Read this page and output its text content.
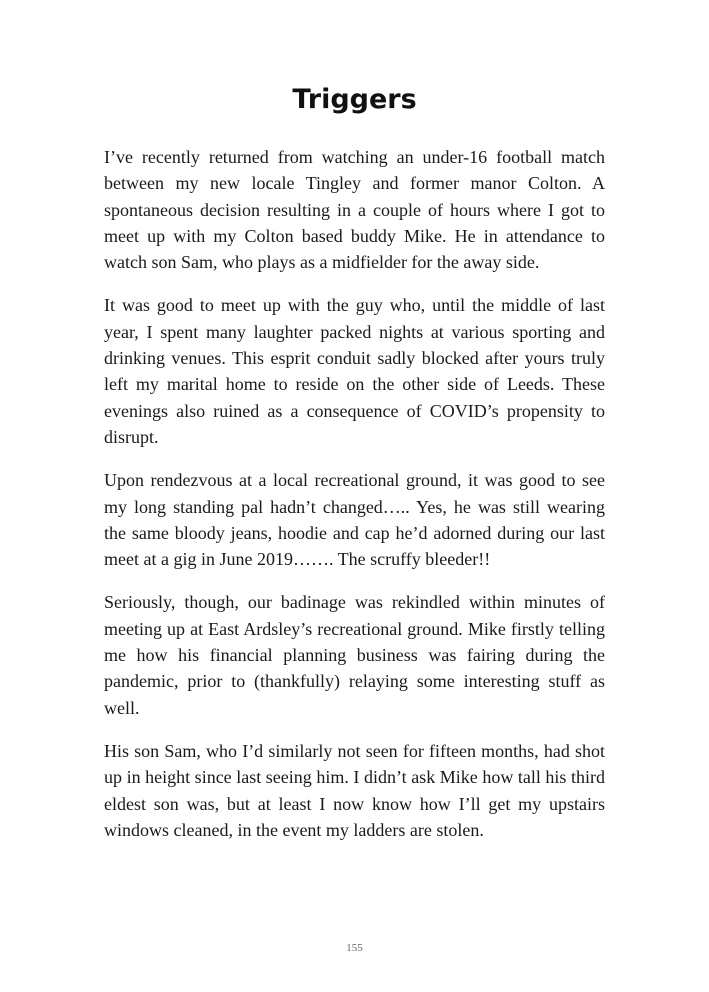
Triggers

I’ve recently returned from watching an under-16 football match between my new locale Tingley and former manor Colton. A spontaneous decision resulting in a couple of hours where I got to meet up with my Colton based buddy Mike. He in attendance to watch son Sam, who plays as a midfielder for the away side.

It was good to meet up with the guy who, until the middle of last year, I spent many laughter packed nights at various sporting and drinking venues. This esprit conduit sadly blocked after yours truly left my marital home to reside on the other side of Leeds. These evenings also ruined as a consequence of COVID’s propensity to disrupt.

Upon rendezvous at a local recreational ground, it was good to see my long standing pal hadn’t changed….. Yes, he was still wearing the same bloody jeans, hoodie and cap he’d adorned during our last meet at a gig in June 2019……. The scruffy bleeder!!

Seriously, though, our badinage was rekindled within minutes of meeting up at East Ardsley’s recreational ground. Mike firstly telling me how his financial planning business was fairing during the pandemic, prior to (thankfully) relaying some interesting stuff as well.

His son Sam, who I’d similarly not seen for fifteen months, had shot up in height since last seeing him. I didn’t ask Mike how tall his third eldest son was, but at least I now know how I’ll get my upstairs windows cleaned, in the event my ladders are stolen.

155
